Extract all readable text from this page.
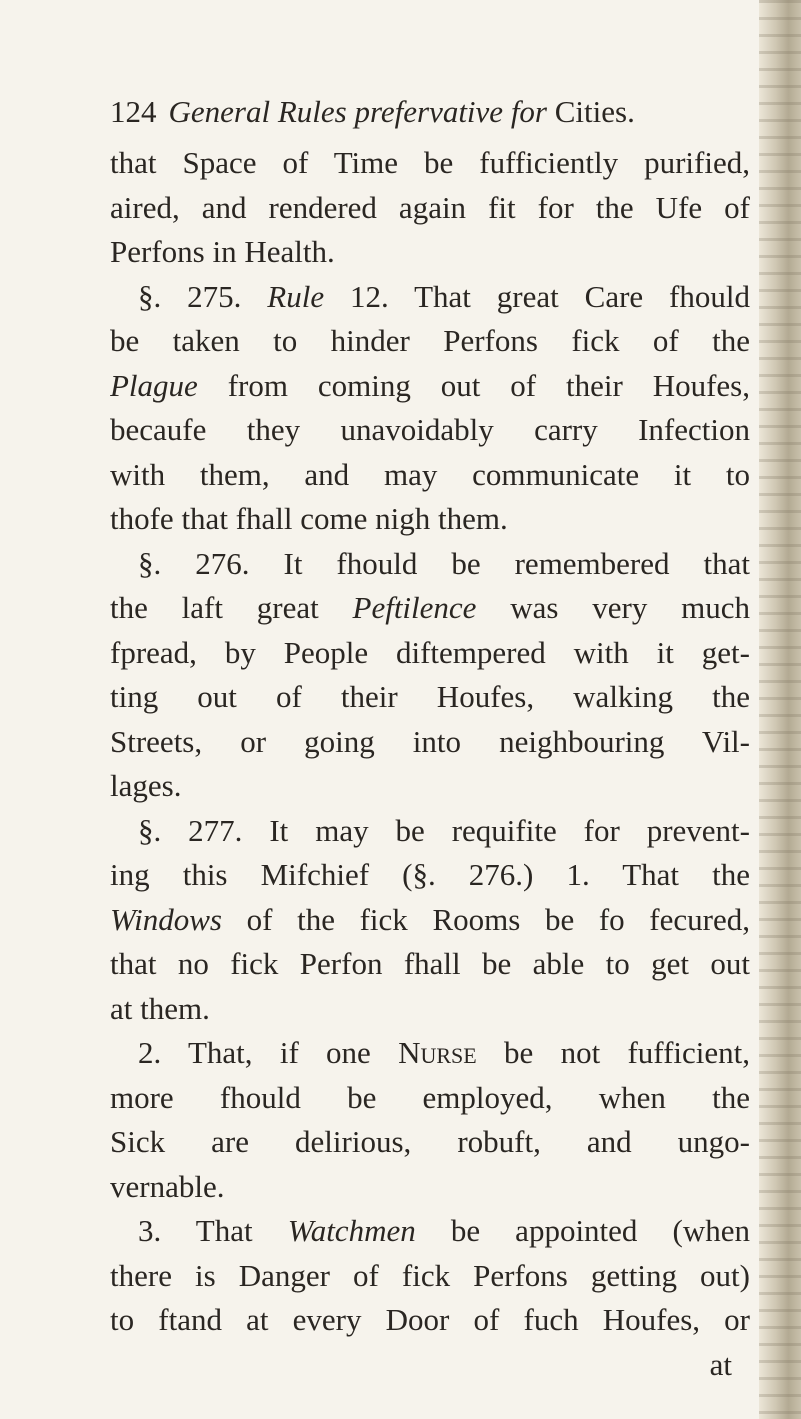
124 General Rules prefervative for Cities.
that Space of Time be fufficiently purified,
aired, and rendered again fit for the Ufe of
Perfons in Health.
§. 275. Rule 12. That great Care fhould
be taken to hinder Perfons fick of the
Plague from coming out of their Houfes,
becaufe they unavoidably carry Infection
with them, and may communicate it to
thofe that fhall come nigh them.
§. 276. It fhould be remembered that
the laft great Peftilence was very much
fpread, by People diftempered with it get-
ting out of their Houfes, walking the
Streets, or going into neighbouring Vil-
lages.
§. 277. It may be requifite for prevent-
ing this Mifchief (§. 276.) 1. That the
Windows of the fick Rooms be fo fecured,
that no fick Perfon fhall be able to get out
at them.
2. That, if one Nurse be not fufficient,
more fhould be employed, when the
Sick are delirious, robuft, and ungo-
vernable.
3. That Watchmen be appointed (when
there is Danger of fick Perfons getting out)
to ftand at every Door of fuch Houfes, or
at
